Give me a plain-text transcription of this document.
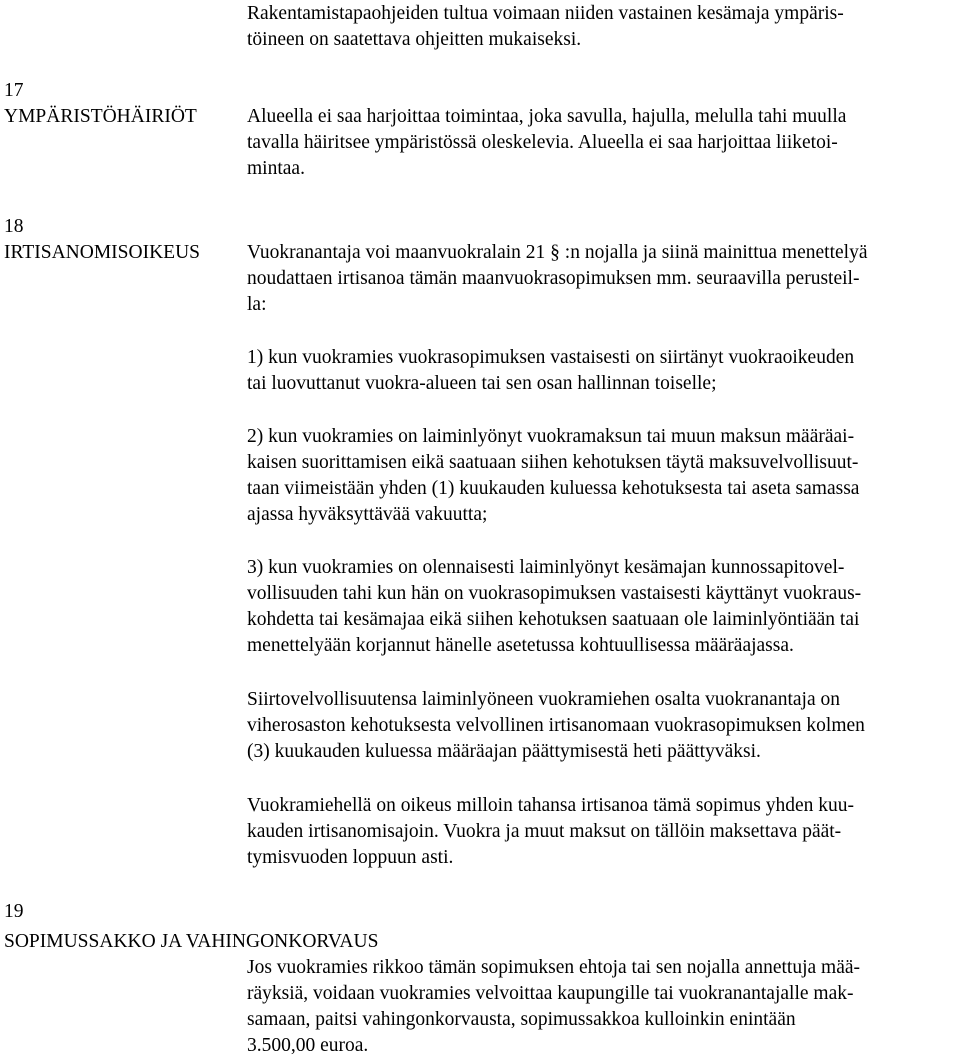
Rakentamistapaohjeiden tultua voimaan niiden vastainen kesämaja ympäris-
töineen on saatettava ohjeitten mukaiseksi.

17

YMPÄRISTÖHÄIRIÖT	Alueella ei saa harjoittaa toimintaa, joka savulla, hajulla, melulla tahi muulla
tavalla häiritsee ympäristössä oleskelevia. Alueella ei saa harjoittaa liiketoi-
mintaa.

18

IRTISANOMISOIKEUS Vuokranantaja voi maanvuokralain 21 § :n nojalla ja siinä mainittua menettelyä
noudattaen irtisanoa tämän maanvuokrasopimuksen mm. seuraavilla perusteil-
la:

1) kun vuokramies vuokrasopimuksen vastaisesti on siirtänyt vuokraoikeuden
tai luovuttanut vuokra-alueen tai sen osan hallinnan toiselle;

2) kun vuokramies on laiminlyönyt vuokramaksun tai muun maksun määräai-
kaisen suorittamisen eikä saatuaan siihen kehotuksen täytä maksuvelvollisuut-
taan viimeistään yhden (1) kuukauden kuluessa kehotuksesta tai aseta samassa
ajassa hyväksyttävää vakuutta;

3) kun vuokramies on olennaisesti laiminlyönyt kesämajan kunnossapitovel-
vollisuuden tahi kun hän on vuokrasopimuksen vastaisesti käyttänyt vuokraus-
kohdetta tai kesämajaa eikä siihen kehotuksen saatuaan ole laiminlyöntiään tai
menettelyään korjannut hänelle asetetussa kohtuullisessa määräajassa.

Siirtovelvollisuutensa laiminlyöneen vuokramiehen osalta vuokranantaja on
viherosaston kehotuksesta velvollinen irtisanomaan vuokrasopimuksen kolmen
(3) kuukauden kuluessa määräajan päättymisestä heti päättyväksi.

Vuokramiehellä on oikeus milloin tahansa irtisanoa tämä sopimus yhden kuu-
kauden irtisanomisajoin. Vuokra ja muut maksut on tällöin maksettava päät-
tymisvuoden loppuun asti.

19

SOPIMUSSAKKO JA VAHINGONKORVAUS

Jos vuokramies rikkoo tämän sopimuksen ehtoja tai sen nojalla annettuja mää-
räyksiä, voidaan vuokramies velvoittaa kaupungille tai vuokranantajalle mak-
samaan, paitsi vahingonkorvausta, sopimussakkoa kulloinkin enintään
3.500,00 euroa.
